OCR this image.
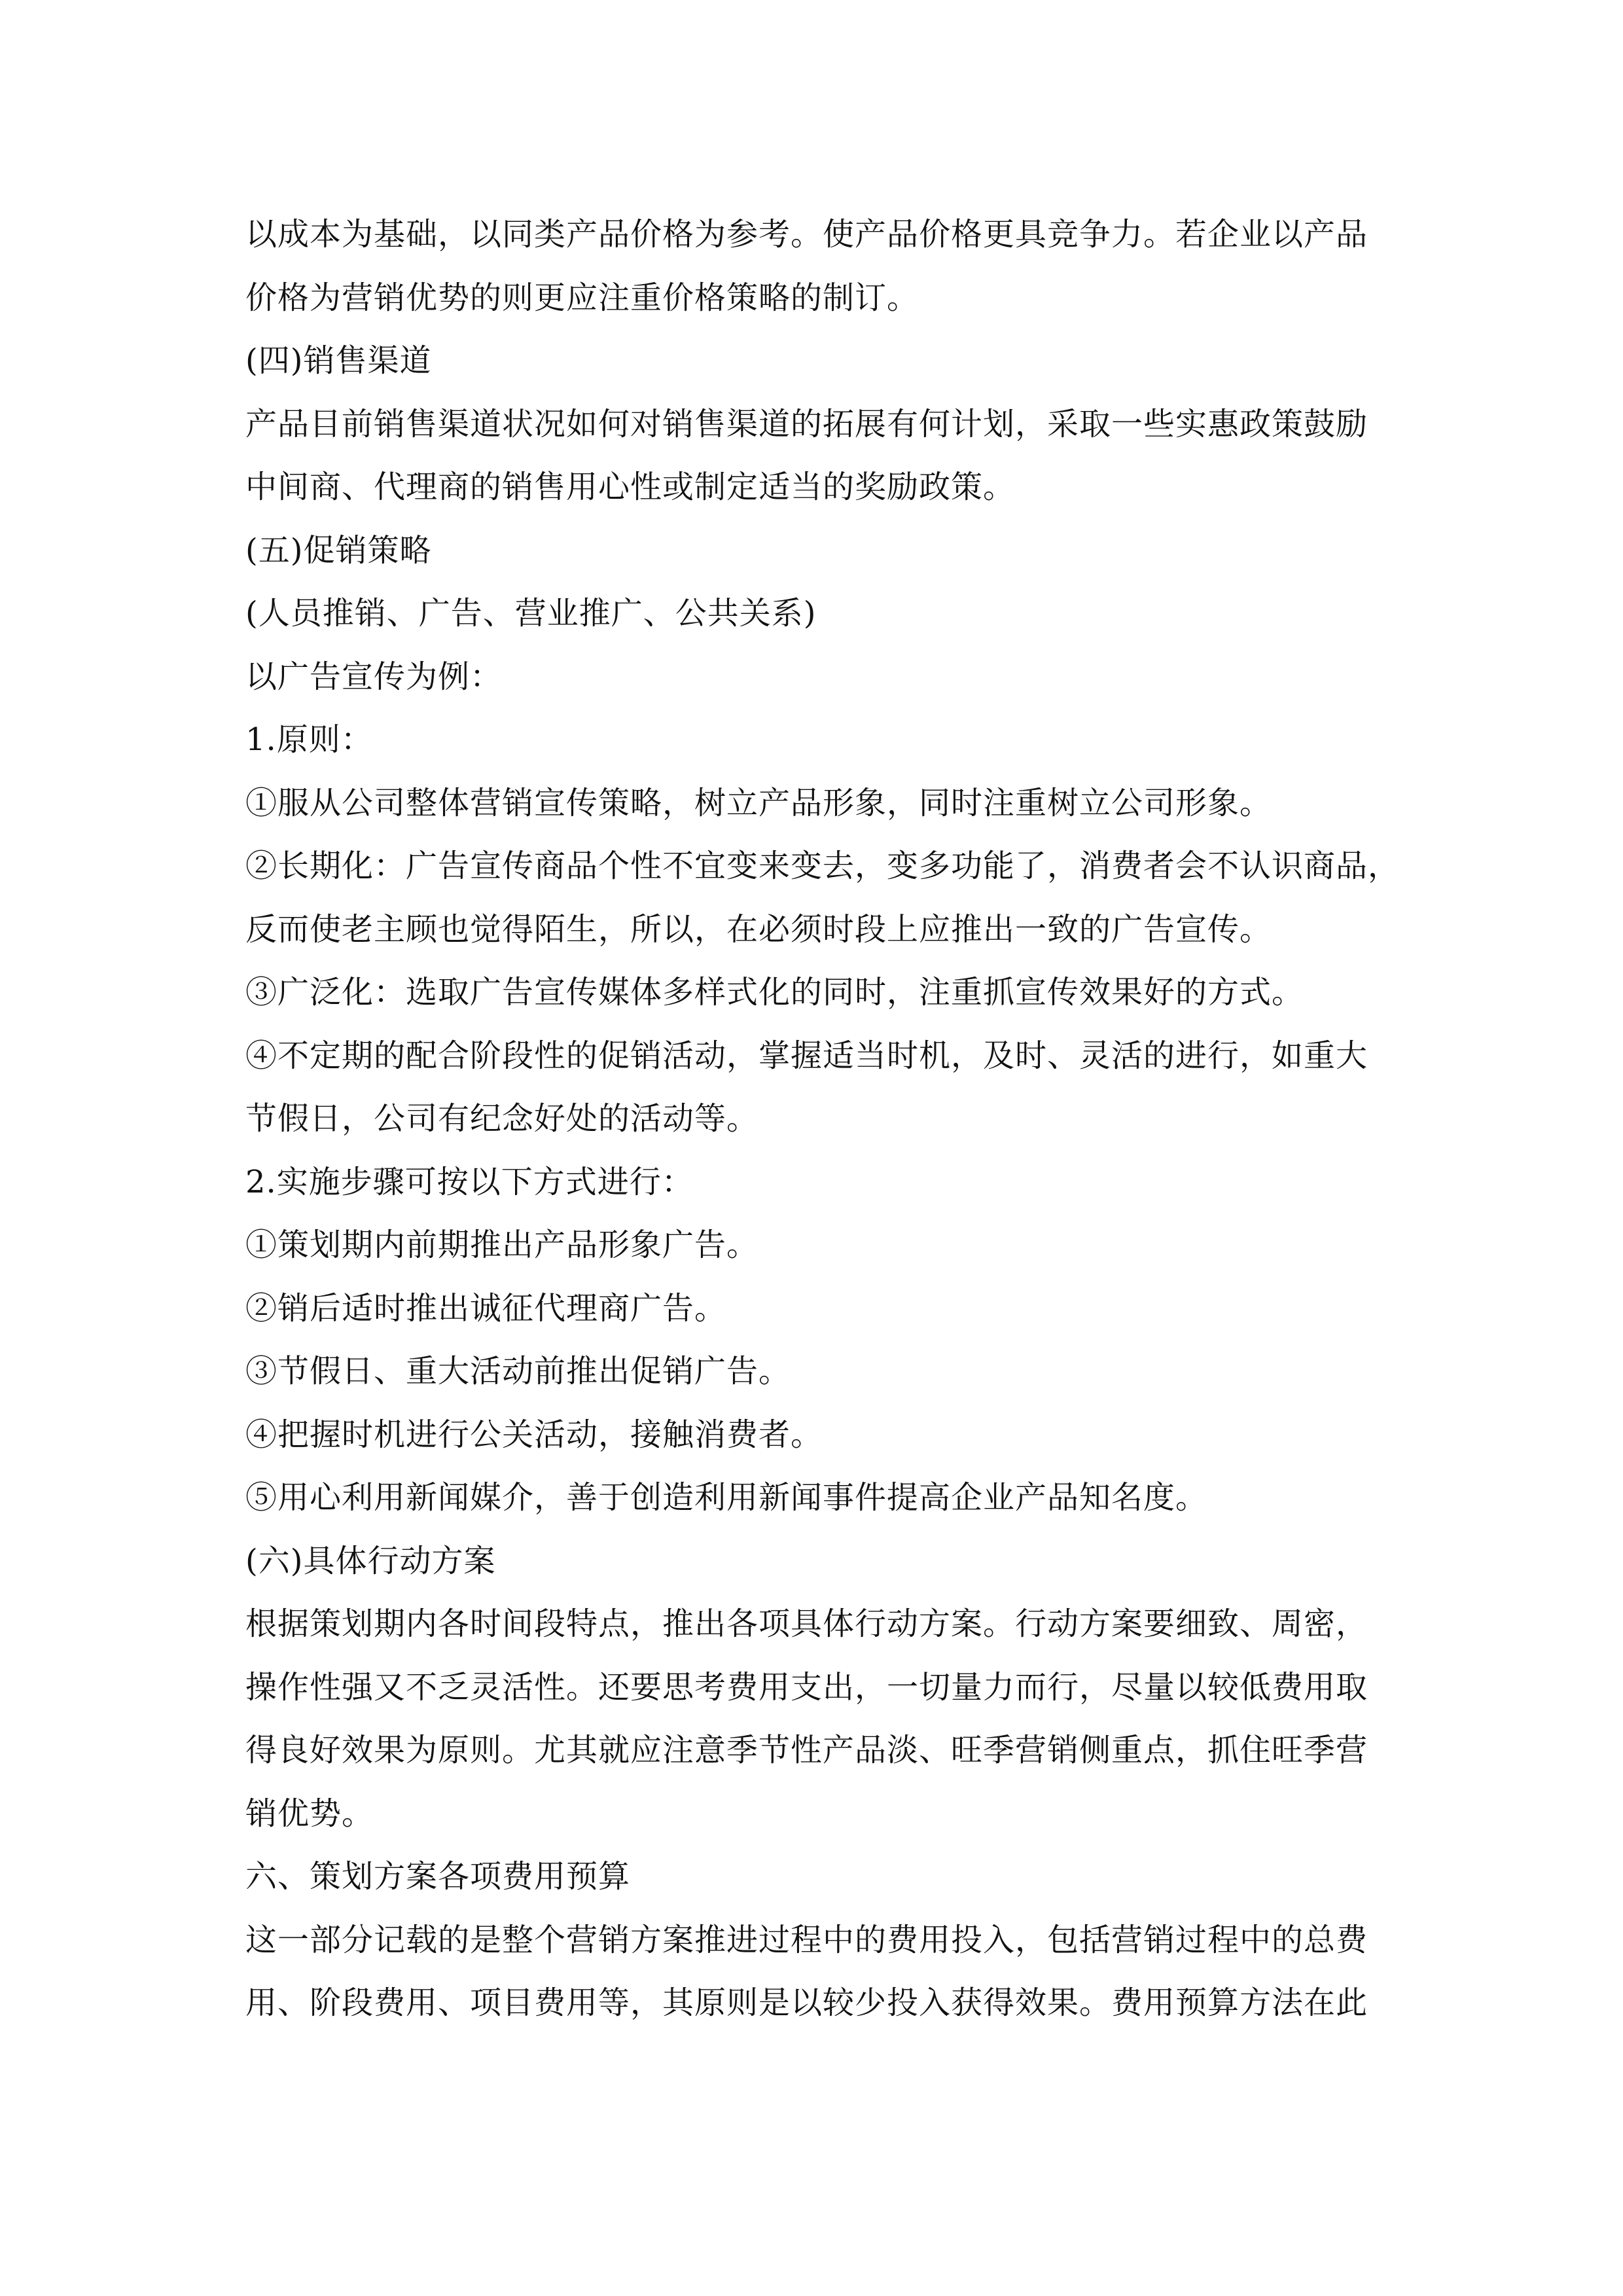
以成本为基础，以同类产品价格为参考。使产品价格更具竞争力。若企业以产品
价格为营销优势的则更应注重价格策略的制订。
(四)销售渠道
产品目前销售渠道状况如何对销售渠道的拓展有何计划，采取一些实惠政策鼓励
中间商、代理商的销售用心性或制定适当的奖励政策。
(五)促销策略
(人员推销、广告、营业推广、公共关系)
以广告宣传为例：
1.原则：
①服从公司整体营销宣传策略，树立产品形象，同时注重树立公司形象。
②长期化：广告宣传商品个性不宜变来变去，变多功能了，消费者会不认识商品，
反而使老主顾也觉得陌生，所以，在必须时段上应推出一致的广告宣传。
③广泛化：选取广告宣传媒体多样式化的同时，注重抓宣传效果好的方式。
④不定期的配合阶段性的促销活动，掌握适当时机，及时、灵活的进行，如重大
节假日，公司有纪念好处的活动等。
2.实施步骤可按以下方式进行：
①策划期内前期推出产品形象广告。
②销后适时推出诚征代理商广告。
③节假日、重大活动前推出促销广告。
④把握时机进行公关活动，接触消费者。
⑤用心利用新闻媒介，善于创造利用新闻事件提高企业产品知名度。
(六)具体行动方案
根据策划期内各时间段特点，推出各项具体行动方案。行动方案要细致、周密，
操作性强又不乏灵活性。还要思考费用支出，一切量力而行，尽量以较低费用取
得良好效果为原则。尤其就应注意季节性产品淡、旺季营销侧重点，抓住旺季营
销优势。
六、策划方案各项费用预算
这一部分记载的是整个营销方案推进过程中的费用投入，包括营销过程中的总费
用、阶段费用、项目费用等，其原则是以较少投入获得效果。费用预算方法在此
